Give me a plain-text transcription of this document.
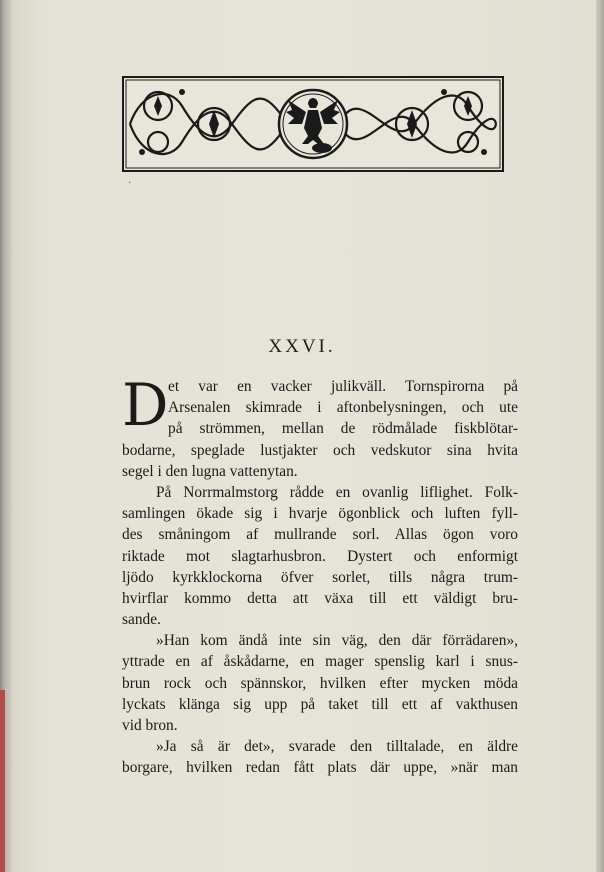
XXVI.
D et var en vacker julikväll. Tornspirorna på
Arsenalen skimrade i aftonbelysningen, och ute
på strömmen, mellan de rödmålade fiskblötar-
bodarne, speglade lustjakter och vedskutor sina hvita
segel i den lugna vattenytan.
På Norrmalmstorg rådde en ovanlig liflighet. Folk-
samlingen ökade sig i hvarje ögonblick och luften fyll-
des småningom af mullrande sorl. Allas ögon voro
riktade mot slagtarhusbron. Dystert och enformigt
ljödo kyrkklockorna öfver sorlet, tills några trum-
hvirflar kommo detta att växa till ett väldigt bru-
sande.
»Han kom ändå inte sin väg, den där förrädaren»,
yttrade en af åskådarne, en mager spenslig karl i snus-
brun rock och spännskor, hvilken efter mycken möda
lyckats klänga sig upp på taket till ett af vakthusen
vid bron.
»Ja så är det», svarade den tilltalade, en äldre
borgare, hvilken redan fått plats där uppe, »när man
·
